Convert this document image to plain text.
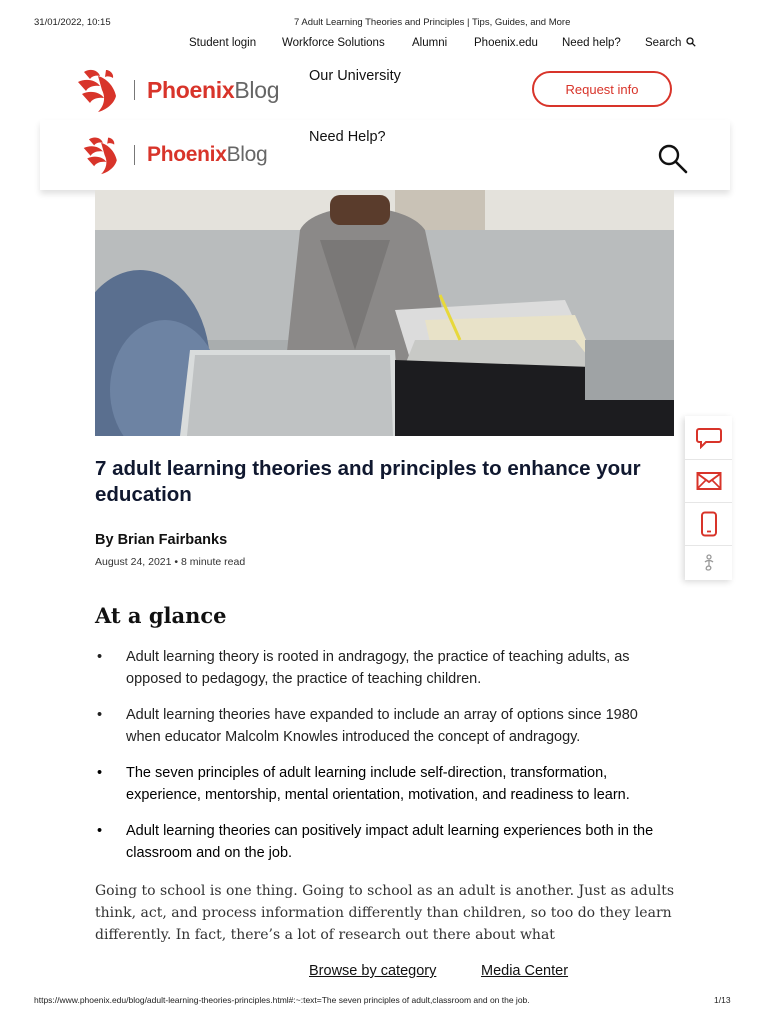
31/01/2022, 10:15	7 Adult Learning Theories and Principles | Tips, Guides, and More
Student login Workforce Solutions Alumni Phoenix.edu Need help? Search
PhoenixBlog
Our University
Request info
PhoenixBlog
Need Help?
7 adult learning theories and principles to enhance your education
By Brian Fairbanks
August 24, 2021 • 8 minute read
At a glance
• Adult learning theory is rooted in andragogy, the practice of teaching adults, as opposed to pedagogy, the practice of teaching children.
• Adult learning theories have expanded to include an array of options since 1980 when educator Malcolm Knowles introduced the concept of andragogy.
• The seven principles of adult learning include self-direction, transformation, experience, mentorship, mental orientation, motivation, and readiness to learn.
• Adult learning theories can positively impact adult learning experiences both in the classroom and on the job.
Going to school is one thing. Going to school as an adult is another. Just as adults think, act, and process information differently than children, so too do they learn differently. In fact, there’s a lot of research out there about what
Browse by category	Media Center
https://www.phoenix.edu/blog/adult-learning-theories-principles.html#:~:text=The seven principles of adult,classroom and on the job.	1/13
